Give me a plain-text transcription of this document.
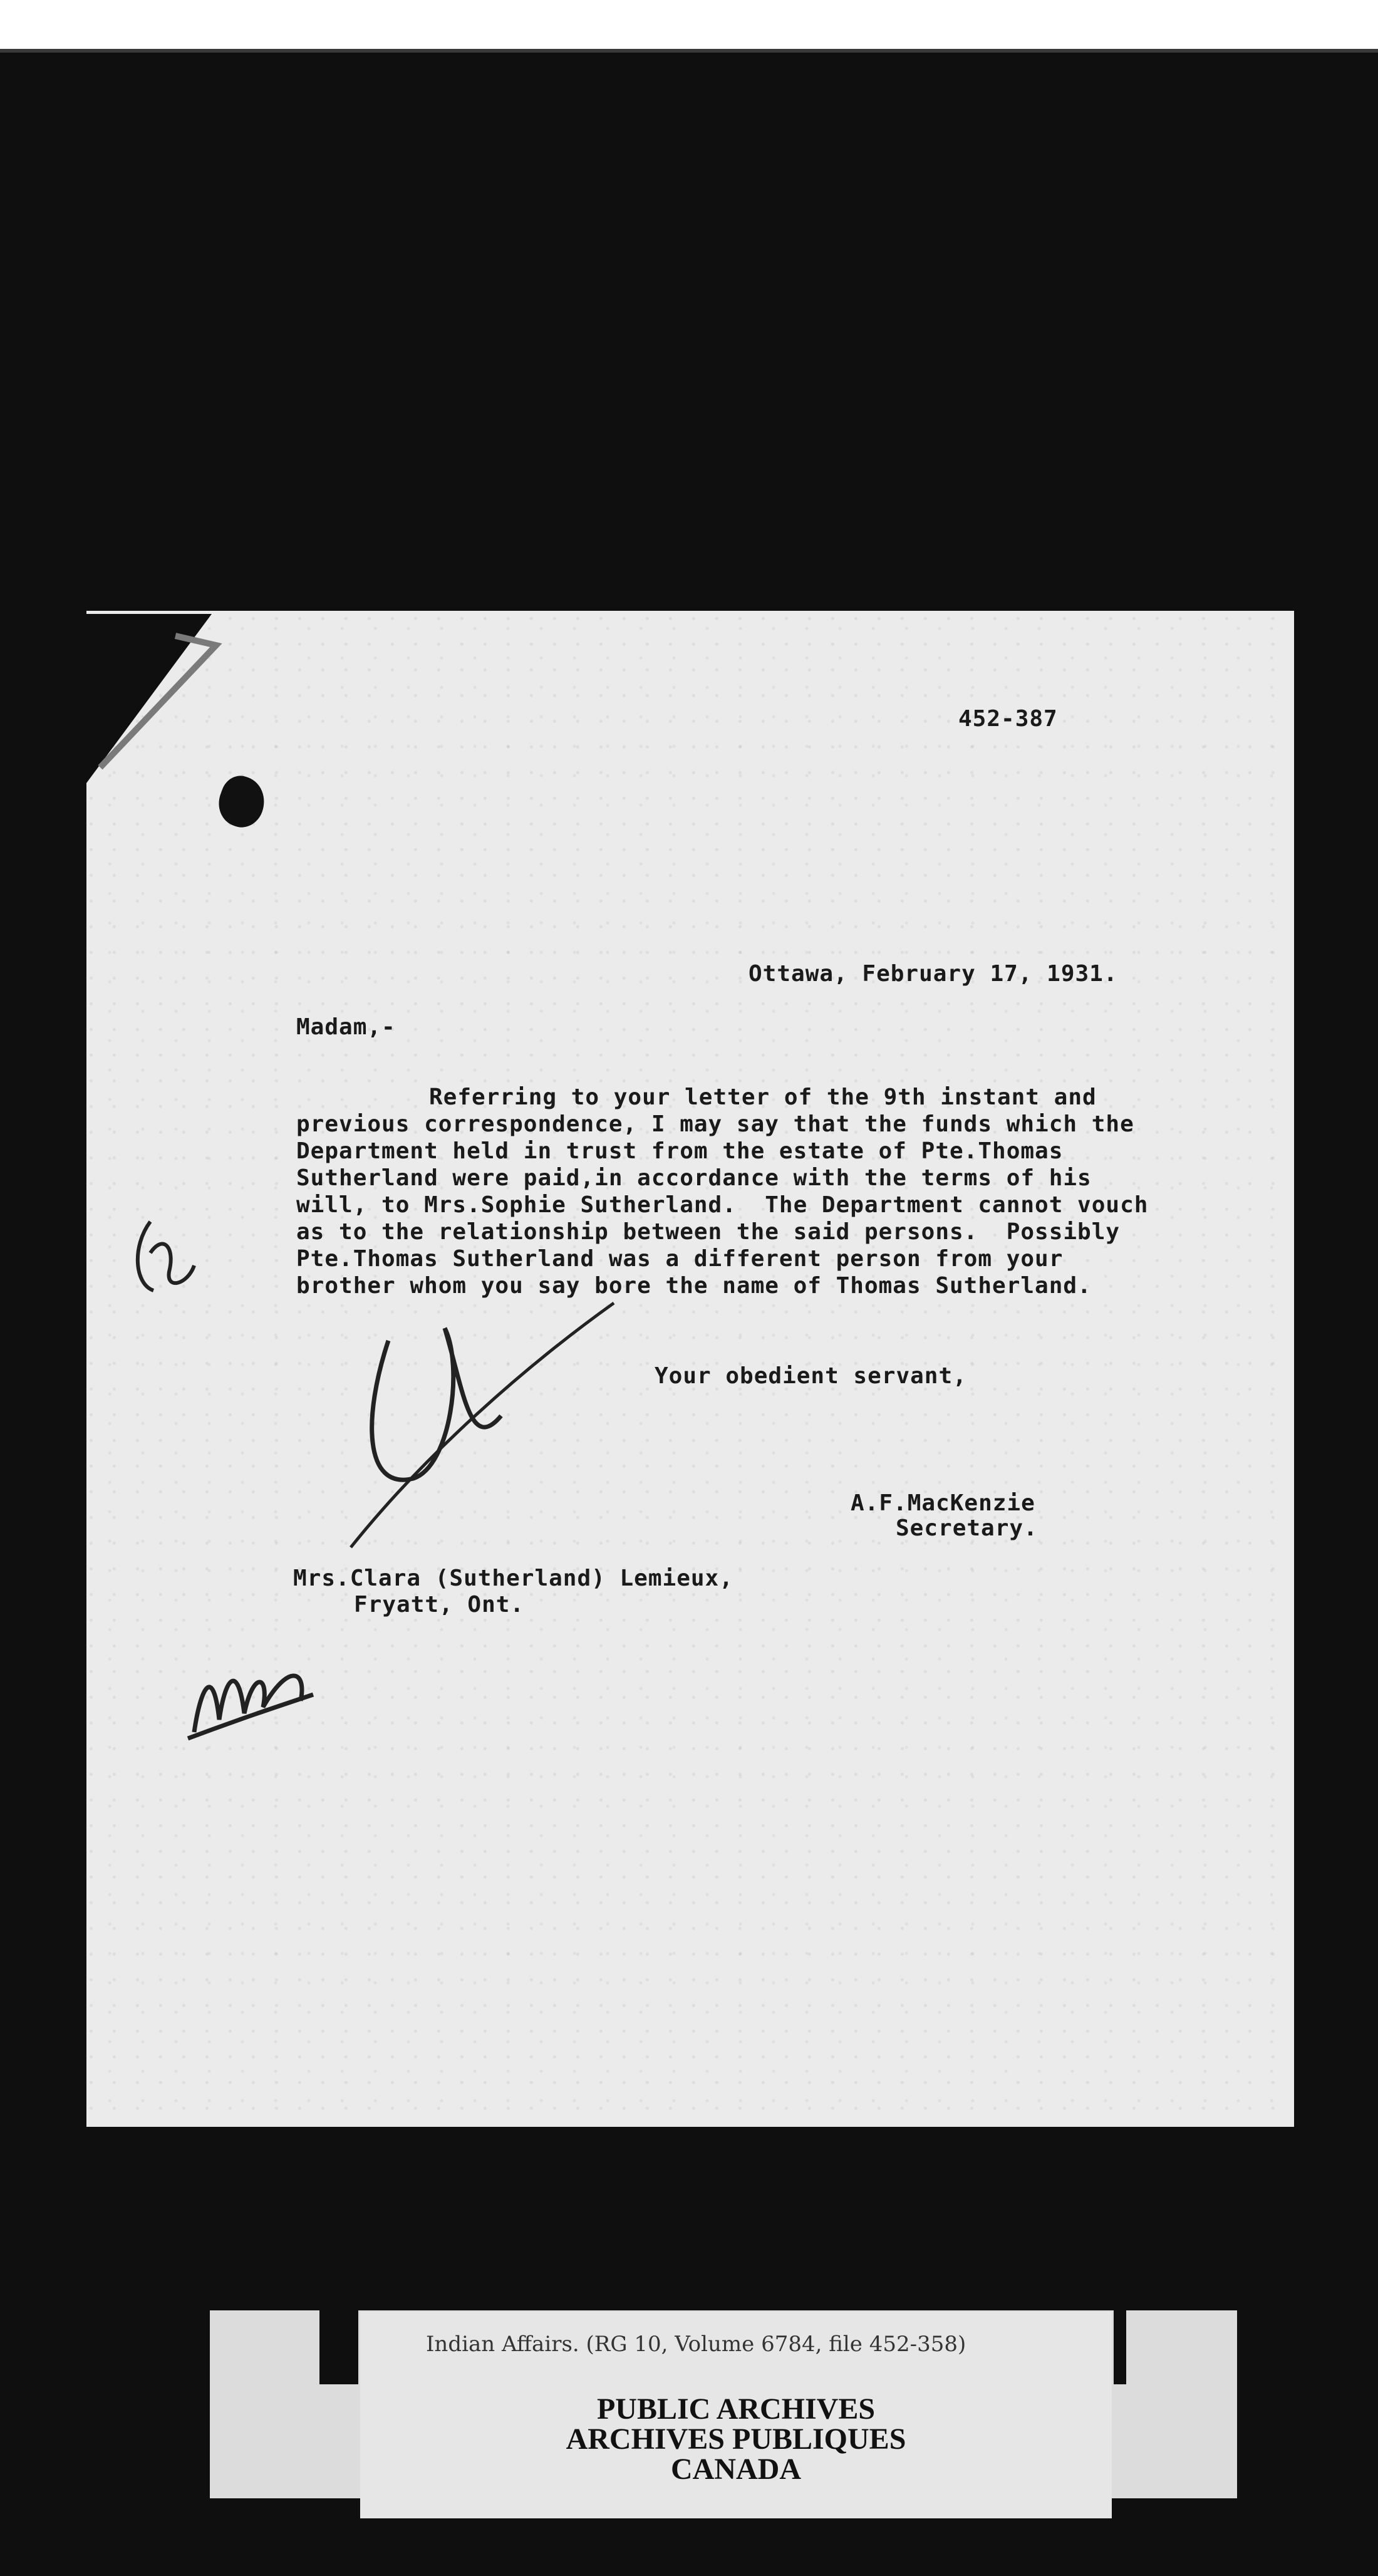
452-387

Ottawa, February 17, 1931.

Madam,-

Referring to your letter of the 9th instant and

previous correspondence, I may say that the funds which the

Department held in trust from the estate of Pte.Thomas

Sutherland were paid,in accordance with the terms of his

will, to Mrs.Sophie Sutherland.  The Department cannot vouch

as to the relationship between the said persons.  Possibly

Pte.Thomas Sutherland was a different person from your

brother whom you say bore the name of Thomas Sutherland.

Your obedient servant,

A.F.MacKenzie

Secretary.

Mrs.Clara (Sutherland) Lemieux,

Fryatt, Ont.

Indian Affairs. (RG 10, Volume 6784, file 452-358)

PUBLIC ARCHIVES
ARCHIVES PUBLIQUES
CANADA
